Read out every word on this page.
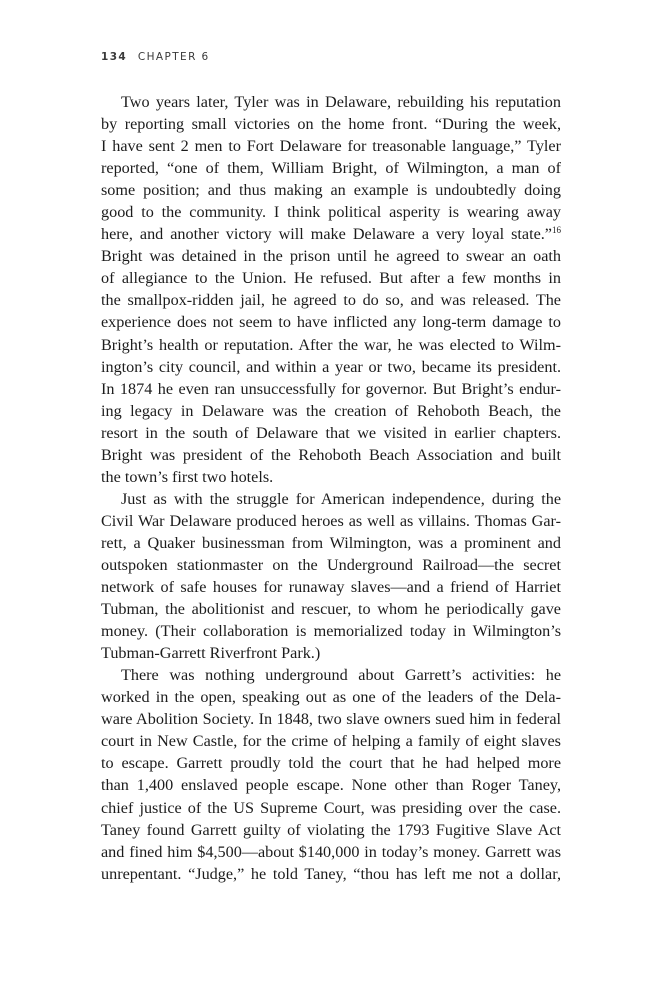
134 CHAPTER 6
Two years later, Tyler was in Delaware, rebuilding his reputation
by reporting small victories on the home front. “During the week,
I have sent 2 men to Fort Delaware for treasonable language,” Tyler
reported, “one of them, William Bright, of Wilmington, a man of
some position; and thus making an example is undoubtedly doing
good to the community. I think political asperity is wearing away
here, and another victory will make Delaware a very loyal state.”$^{16}$
Bright was detained in the prison until he agreed to swear an oath
of allegiance to the Union. He refused. But after a few months in
the smallpox-ridden jail, he agreed to do so, and was released. The
experience does not seem to have inflicted any long-term damage to
Bright’s health or reputation. After the war, he was elected to Wilm-
ington’s city council, and within a year or two, became its president.
In 1874 he even ran unsuccessfully for governor. But Bright’s endur-
ing legacy in Delaware was the creation of Rehoboth Beach, the
resort in the south of Delaware that we visited in earlier chapters.
Bright was president of the Rehoboth Beach Association and built
the town’s first two hotels.
Just as with the struggle for American independence, during the
Civil War Delaware produced heroes as well as villains. Thomas Gar-
rett, a Quaker businessman from Wilmington, was a prominent and
outspoken stationmaster on the Underground Railroad—the secret
network of safe houses for runaway slaves—and a friend of Harriet
Tubman, the abolitionist and rescuer, to whom he periodically gave
money. (Their collaboration is memorialized today in Wilmington’s
Tubman-Garrett Riverfront Park.)
There was nothing underground about Garrett’s activities: he
worked in the open, speaking out as one of the leaders of the Dela-
ware Abolition Society. In 1848, two slave owners sued him in federal
court in New Castle, for the crime of helping a family of eight slaves
to escape. Garrett proudly told the court that he had helped more
than 1,400 enslaved people escape. None other than Roger Taney,
chief justice of the US Supreme Court, was presiding over the case.
Taney found Garrett guilty of violating the 1793 Fugitive Slave Act
and fined him $4,500—about $140,000 in today’s money. Garrett was
unrepentant. “Judge,” he told Taney, “thou has left me not a dollar,
